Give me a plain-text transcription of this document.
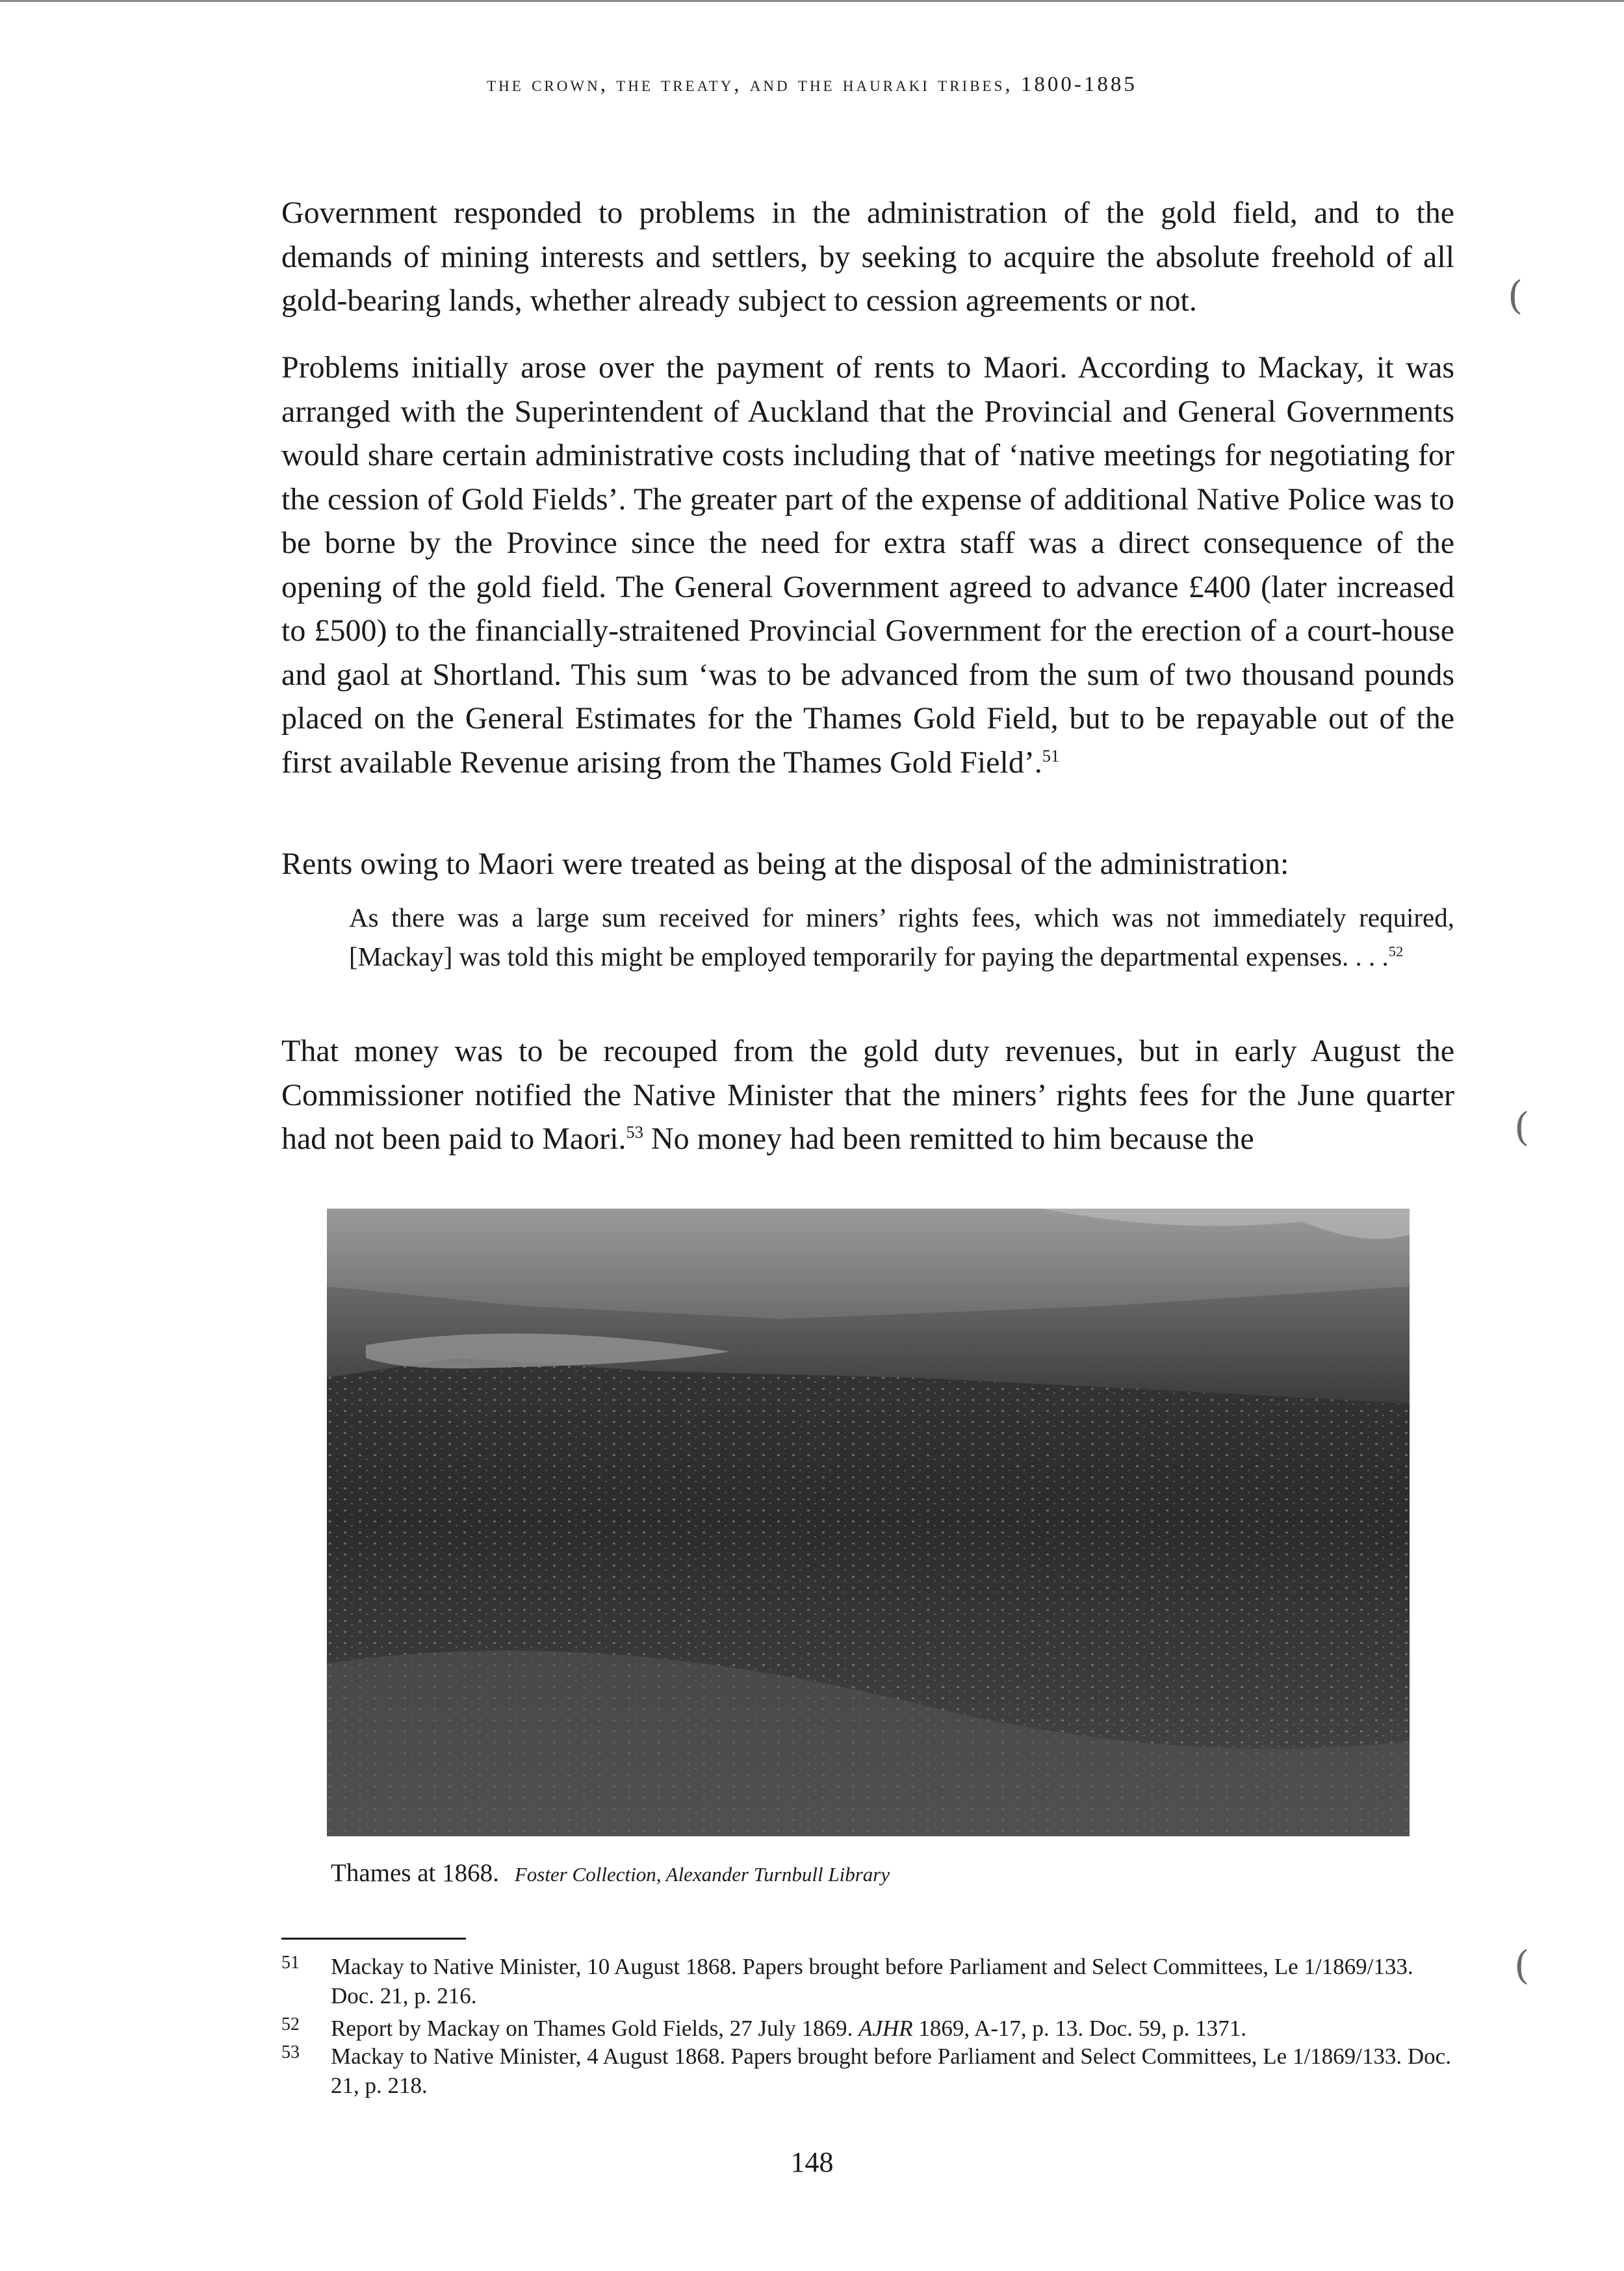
the crown, the treaty, and the hauraki tribes, 1800-1885

Government responded to problems in the administration of the gold field, and to the demands of mining interests and settlers, by seeking to acquire the absolute freehold of all gold-bearing lands, whether already subject to cession agreements or not.

Problems initially arose over the payment of rents to Maori. According to Mackay, it was arranged with the Superintendent of Auckland that the Provincial and General Governments would share certain administrative costs including that of ‘native meetings for negotiating for the cession of Gold Fields’. The greater part of the expense of additional Native Police was to be borne by the Province since the need for extra staff was a direct consequence of the opening of the gold field. The General Government agreed to advance £400 (later increased to £500) to the financially-straitened Provincial Government for the erection of a court-house and gaol at Shortland. This sum ‘was to be advanced from the sum of two thousand pounds placed on the General Estimates for the Thames Gold Field, but to be repayable out of the first available Revenue arising from the Thames Gold Field’.$^{51}$

Rents owing to Maori were treated as being at the disposal of the administration:

As there was a large sum received for miners’ rights fees, which was not immediately required, [Mackay] was told this might be employed temporarily for paying the departmental expenses. . . .$^{52}$

That money was to be recouped from the gold duty revenues, but in early August the Commissioner notified the Native Minister that the miners’ rights fees for the June quarter had not been paid to Maori.$^{53}$ No money had been remitted to him because the

Thames at 1868. Foster Collection, Alexander Turnbull Library
51 Mackay to Native Minister, 10 August 1868. Papers brought before Parliament and Select Committees, Le 1/1869/133. Doc. 21, p. 216.
52 Report by Mackay on Thames Gold Fields, 27 July 1869. AJHR 1869, A-17, p. 13. Doc. 59, p. 1371.
53 Mackay to Native Minister, 4 August 1868. Papers brought before Parliament and Select Committees, Le 1/1869/133. Doc. 21, p. 218.
148
(
(
(
